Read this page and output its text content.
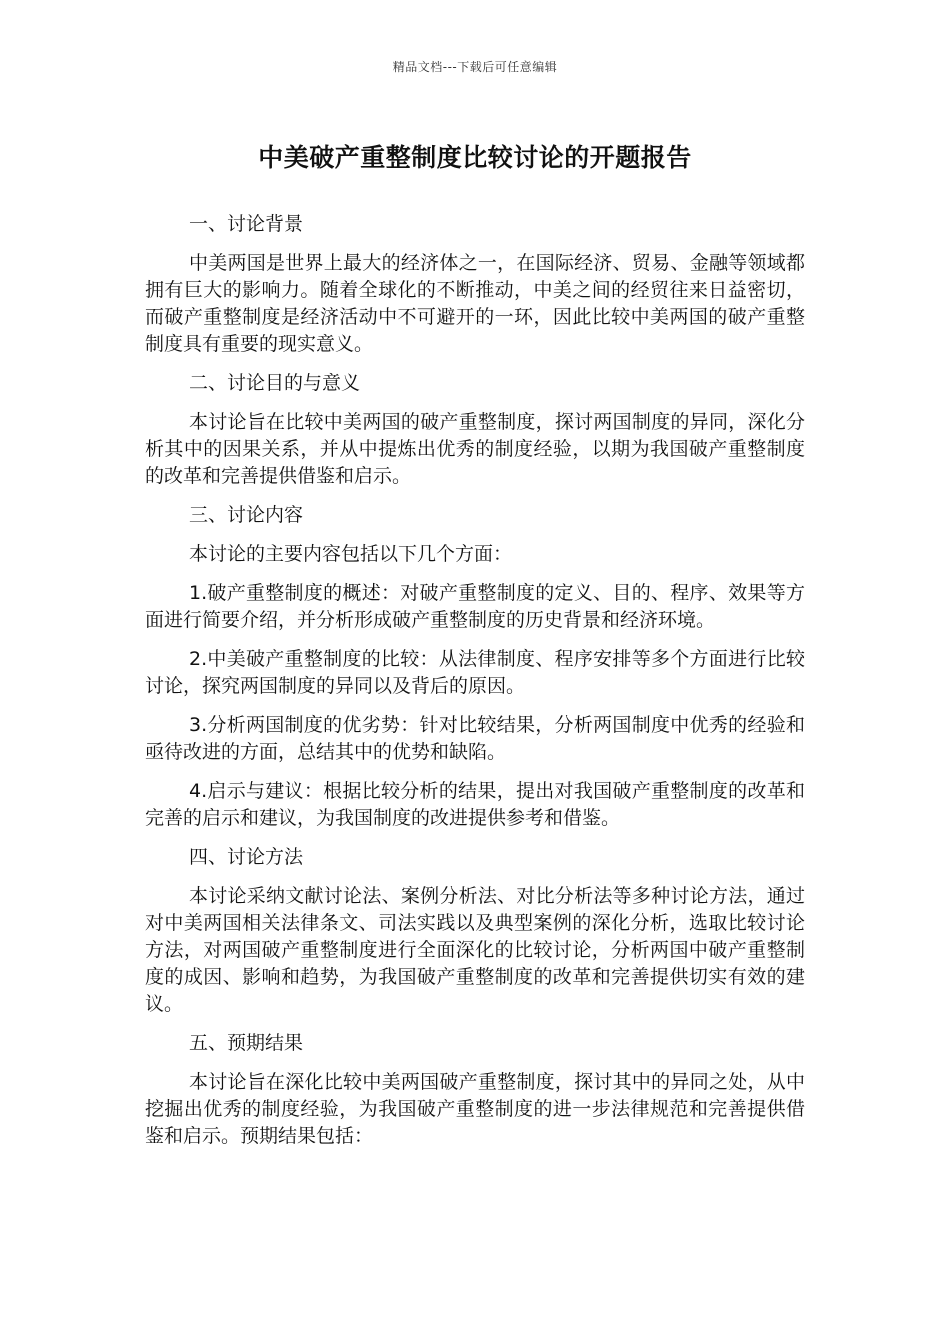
精品文档---下载后可任意编辑
中美破产重整制度比较讨论的开题报告

一、讨论背景

中美两国是世界上最大的经济体之一，在国际经济、贸易、金融等领域都拥有巨大的影响力。随着全球化的不断推动，中美之间的经贸往来日益密切，而破产重整制度是经济活动中不可避开的一环，因此比较中美两国的破产重整制度具有重要的现实意义。

二、讨论目的与意义

本讨论旨在比较中美两国的破产重整制度，探讨两国制度的异同，深化分析其中的因果关系，并从中提炼出优秀的制度经验，以期为我国破产重整制度的改革和完善提供借鉴和启示。

三、讨论内容

本讨论的主要内容包括以下几个方面：

1.破产重整制度的概述：对破产重整制度的定义、目的、程序、效果等方面进行简要介绍，并分析形成破产重整制度的历史背景和经济环境。

2.中美破产重整制度的比较：从法律制度、程序安排等多个方面进行比较讨论，探究两国制度的异同以及背后的原因。

3.分析两国制度的优劣势：针对比较结果，分析两国制度中优秀的经验和亟待改进的方面，总结其中的优势和缺陷。

4.启示与建议：根据比较分析的结果，提出对我国破产重整制度的改革和完善的启示和建议，为我国制度的改进提供参考和借鉴。

四、讨论方法

本讨论采纳文献讨论法、案例分析法、对比分析法等多种讨论方法，通过对中美两国相关法律条文、司法实践以及典型案例的深化分析，选取比较讨论方法，对两国破产重整制度进行全面深化的比较讨论，分析两国中破产重整制度的成因、影响和趋势，为我国破产重整制度的改革和完善提供切实有效的建议。

五、预期结果

本讨论旨在深化比较中美两国破产重整制度，探讨其中的异同之处，从中挖掘出优秀的制度经验，为我国破产重整制度的进一步法律规范和完善提供借鉴和启示。预期结果包括：
